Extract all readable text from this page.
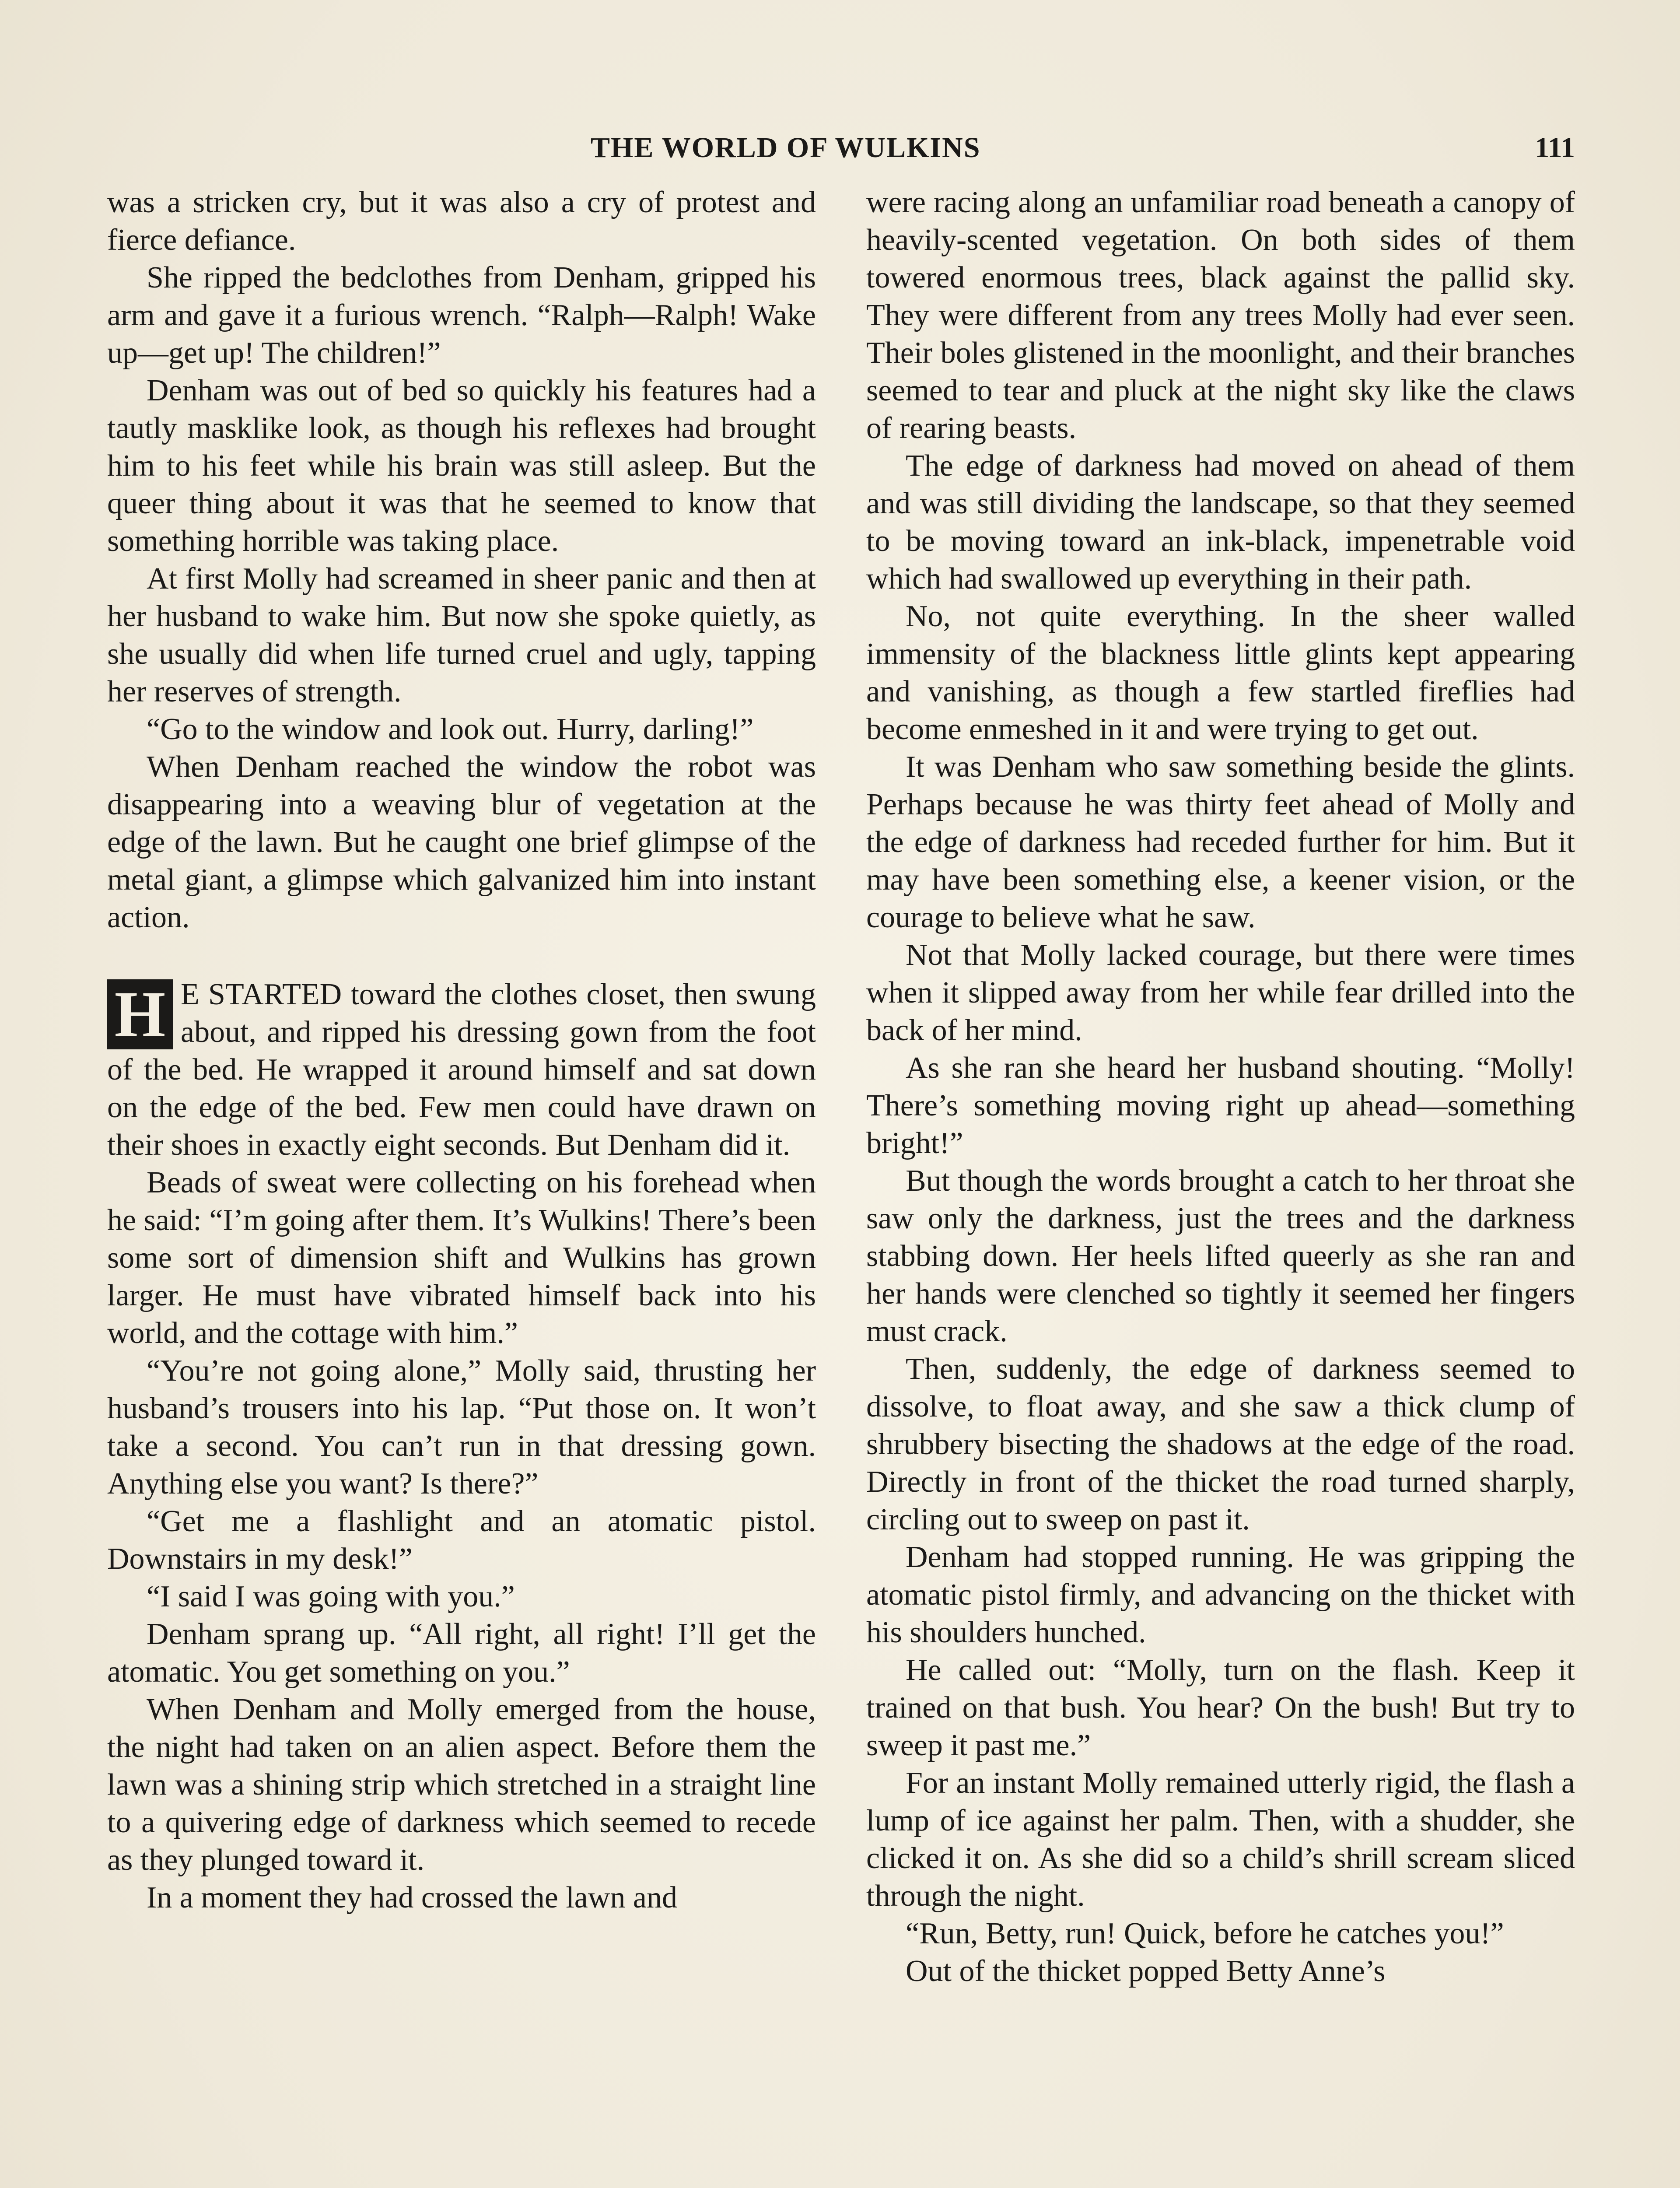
THE WORLD OF WULKINS	111

was a stricken cry, but it was also a cry of protest and fierce defiance.

She ripped the bedclothes from Denham, gripped his arm and gave it a furious wrench. “Ralph—Ralph! Wake up—get up! The children!”

Denham was out of bed so quickly his features had a tautly masklike look, as though his reflexes had brought him to his feet while his brain was still asleep. But the queer thing about it was that he seemed to know that something horrible was taking place.

At first Molly had screamed in sheer panic and then at her husband to wake him. But now she spoke quietly, as she usually did when life turned cruel and ugly, tapping her reserves of strength.

“Go to the window and look out. Hurry, darling!”

When Denham reached the window the robot was disappearing into a weaving blur of vegetation at the edge of the lawn. But he caught one brief glimpse of the metal giant, a glimpse which galvanized him into instant action.

H E STARTED toward the clothes closet, then swung about, and ripped his dressing gown from the foot of the bed. He wrapped it around himself and sat down on the edge of the bed. Few men could have drawn on their shoes in exactly eight seconds. But Denham did it.

Beads of sweat were collecting on his forehead when he said: “I’m going after them. It’s Wulkins! There’s been some sort of dimension shift and Wulkins has grown larger. He must have vibrated himself back into his world, and the cottage with him.”

“You’re not going alone,” Molly said, thrusting her husband’s trousers into his lap. “Put those on. It won’t take a second. You can’t run in that dressing gown. Anything else you want? Is there?”

“Get me a flashlight and an atomatic pistol. Downstairs in my desk!”

“I said I was going with you.”

Denham sprang up. “All right, all right! I’ll get the atomatic. You get something on you.”

When Denham and Molly emerged from the house, the night had taken on an alien aspect. Before them the lawn was a shining strip which stretched in a straight line to a quivering edge of darkness which seemed to recede as they plunged toward it.

In a moment they had crossed the lawn and

were racing along an unfamiliar road beneath a canopy of heavily-scented vegetation. On both sides of them towered enormous trees, black against the pallid sky. They were different from any trees Molly had ever seen. Their boles glistened in the moonlight, and their branches seemed to tear and pluck at the night sky like the claws of rearing beasts.

The edge of darkness had moved on ahead of them and was still dividing the landscape, so that they seemed to be moving toward an ink-black, impenetrable void which had swallowed up everything in their path.

No, not quite everything. In the sheer walled immensity of the blackness little glints kept appearing and vanishing, as though a few startled fireflies had become enmeshed in it and were trying to get out.

It was Denham who saw something beside the glints. Perhaps because he was thirty feet ahead of Molly and the edge of darkness had receded further for him. But it may have been something else, a keener vision, or the courage to believe what he saw.

Not that Molly lacked courage, but there were times when it slipped away from her while fear drilled into the back of her mind.

As she ran she heard her husband shouting. “Molly! There’s something moving right up ahead—something bright!”

But though the words brought a catch to her throat she saw only the darkness, just the trees and the darkness stabbing down. Her heels lifted queerly as she ran and her hands were clenched so tightly it seemed her fingers must crack.

Then, suddenly, the edge of darkness seemed to dissolve, to float away, and she saw a thick clump of shrubbery bisecting the shadows at the edge of the road. Directly in front of the thicket the road turned sharply, circling out to sweep on past it.

Denham had stopped running. He was gripping the atomatic pistol firmly, and advancing on the thicket with his shoulders hunched.

He called out: “Molly, turn on the flash. Keep it trained on that bush. You hear? On the bush! But try to sweep it past me.”

For an instant Molly remained utterly rigid, the flash a lump of ice against her palm. Then, with a shudder, she clicked it on. As she did so a child’s shrill scream sliced through the night.

“Run, Betty, run! Quick, before he catches you!”

Out of the thicket popped Betty Anne’s
